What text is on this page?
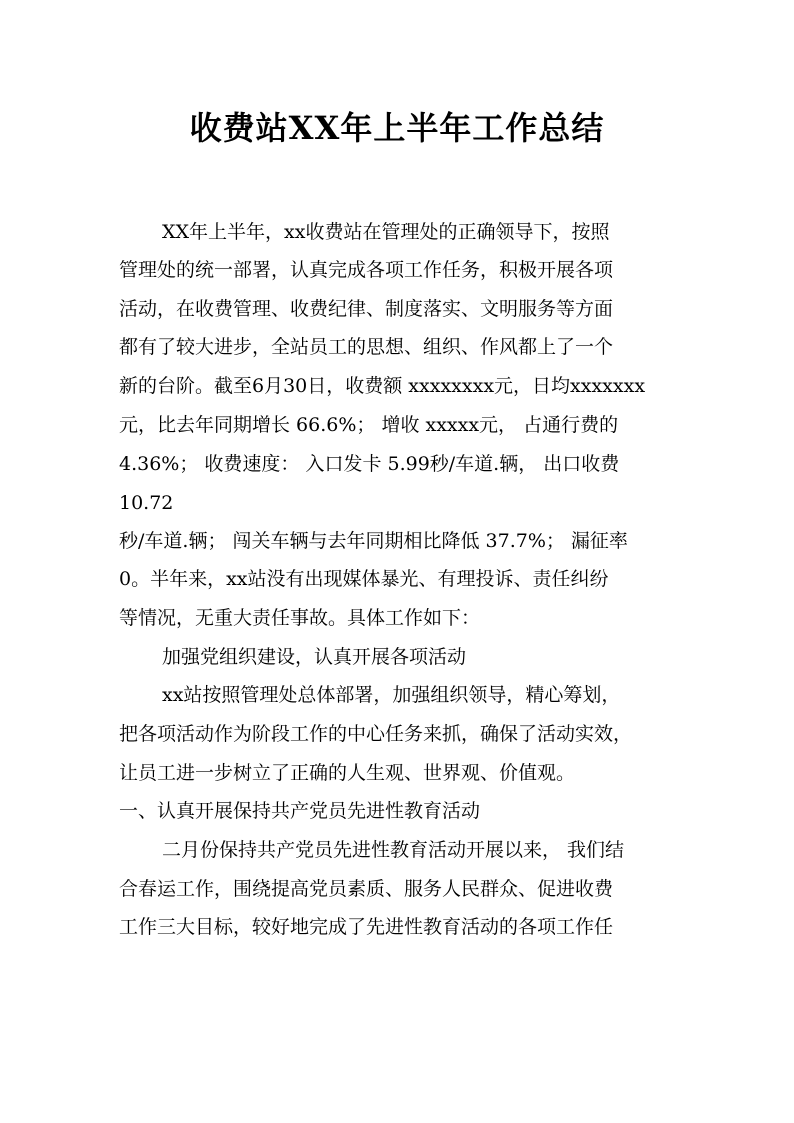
收费站XX年上半年工作总结
XX年上半年，xx收费站在管理处的正确领导下，按照
管理处的统一部署，认真完成各项工作任务，积极开展各项
活动，在收费管理、收费纪律、制度落实、文明服务等方面
都有了较大进步，全站员工的思想、组织、作风都上了一个
新的台阶。截至6月30日，收费额 xxxxxxxx元，日均xxxxxxx
元，比去年同期增长 66.6%； 增收 xxxxx元， 占通行费的
4.36%； 收费速度： 入口发卡 5.99秒/车道.辆， 出口收费
10.72
秒/车道.辆； 闯关车辆与去年同期相比降低 37.7%； 漏征率
0。半年来，xx站没有出现媒体暴光、有理投诉、责任纠纷
等情况，无重大责任事故。具体工作如下：
加强党组织建设，认真开展各项活动
xx站按照管理处总体部署，加强组织领导，精心筹划，
把各项活动作为阶段工作的中心任务来抓，确保了活动实效，
让员工进一步树立了正确的人生观、世界观、价值观。
一、认真开展保持共产党员先进性教育活动
二月份保持共产党员先进性教育活动开展以来， 我们结
合春运工作，围绕提高党员素质、服务人民群众、促进收费
工作三大目标，较好地完成了先进性教育活动的各项工作任
